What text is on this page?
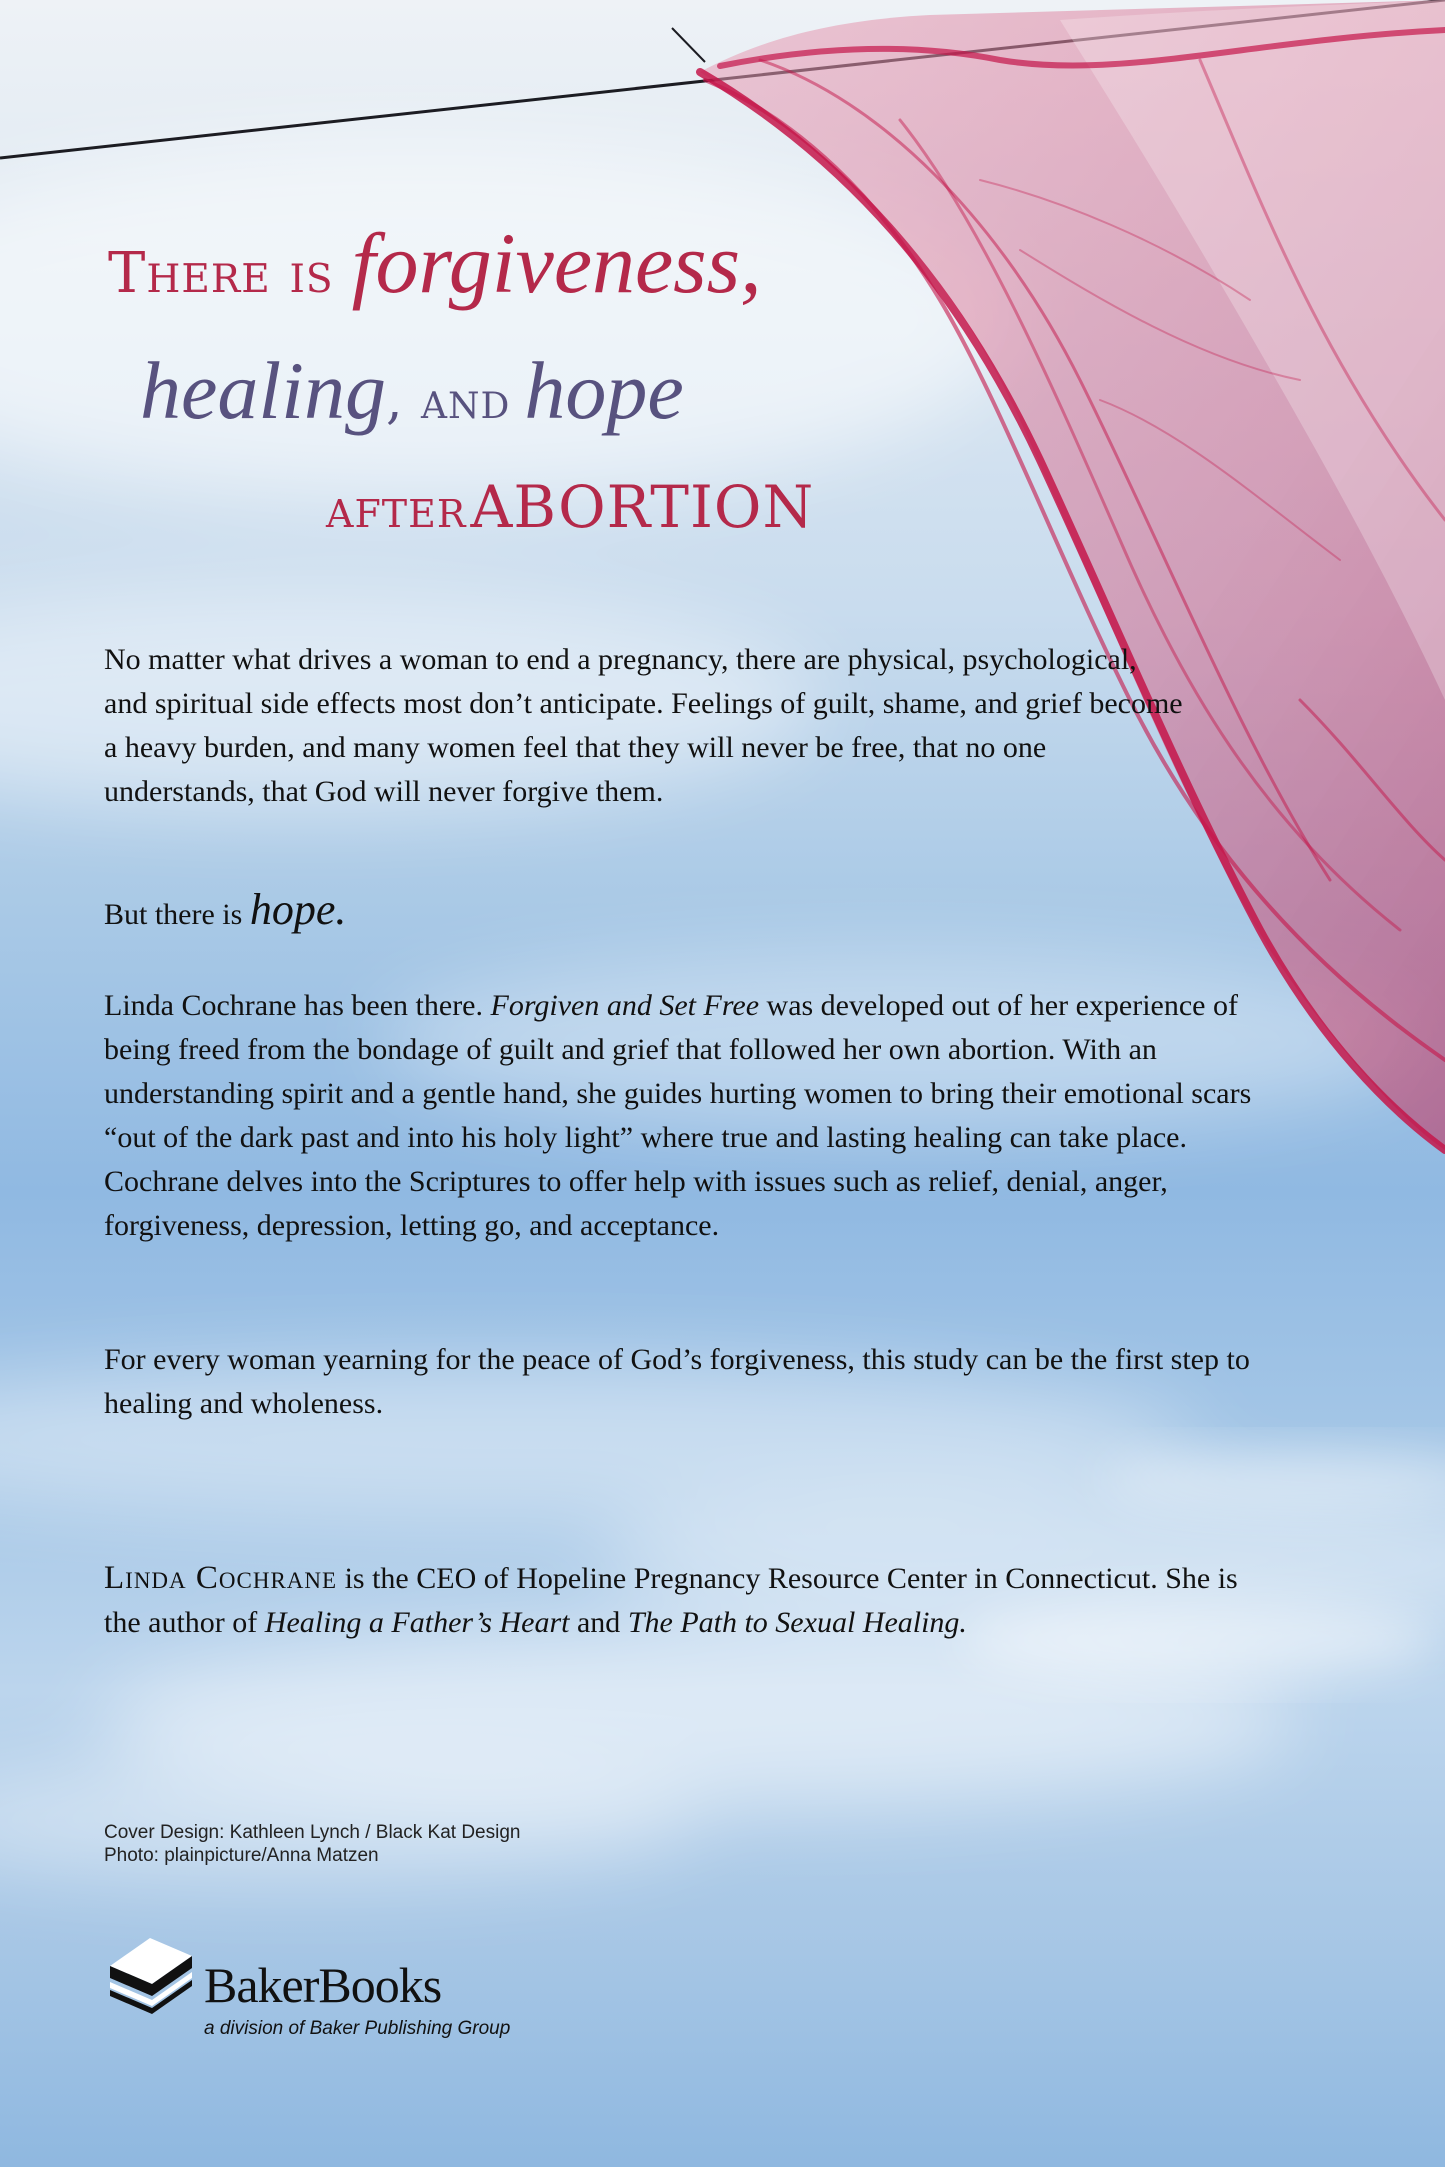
There is forgiveness,
healing, and hope
after ABORTION

No matter what drives a woman to end a pregnancy, there are physical, psychological, and spiritual side effects most don’t anticipate. Feelings of guilt, shame, and grief become a heavy burden, and many women feel that they will never be free, that no one understands, that God will never forgive them.

But there is hope.

Linda Cochrane has been there. Forgiven and Set Free was developed out of her experience of being freed from the bondage of guilt and grief that followed her own abortion. With an understanding spirit and a gentle hand, she guides hurting women to bring their emotional scars “out of the dark past and into his holy light” where true and lasting healing can take place. Cochrane delves into the Scriptures to offer help with issues such as relief, denial, anger, forgiveness, depression, letting go, and acceptance.

For every woman yearning for the peace of God’s forgiveness, this study can be the first step to healing and wholeness.

Linda Cochrane is the CEO of Hopeline Pregnancy Resource Center in Connecticut. She is the author of Healing a Father’s Heart and The Path to Sexual Healing.

Cover Design: Kathleen Lynch / Black Kat Design
Photo: plainpicture/Anna Matzen
BakerBooks
a division of Baker Publishing Group
